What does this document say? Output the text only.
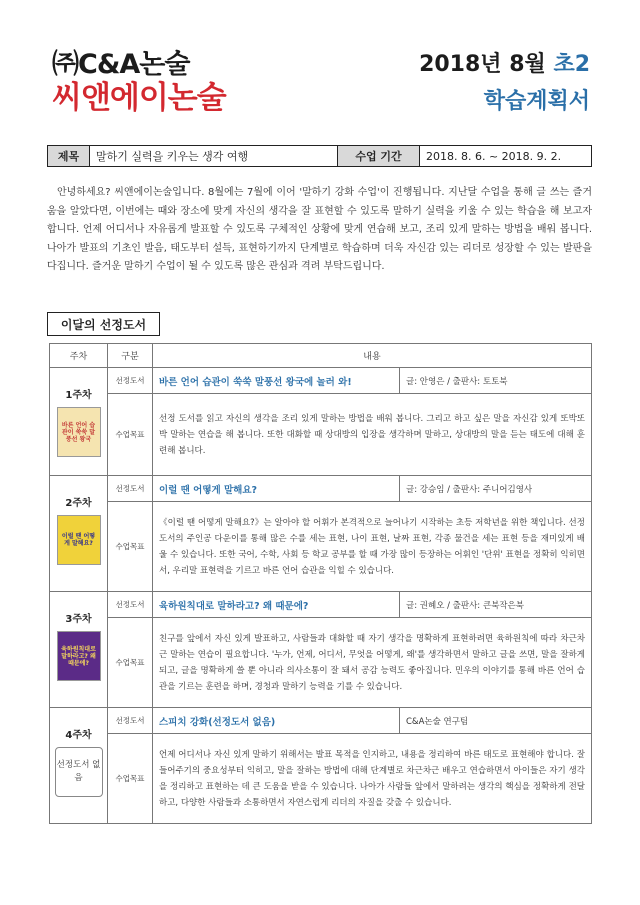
㈜C&A논술
씨앤에이논술
2018년 8월 초2
학습계획서
제목	말하기 실력을 키우는 생각 여행	수업 기간	2018. 8. 6. ~ 2018. 9. 2.

안녕하세요? 씨앤에이논술입니다. 8월에는 7월에 이어 '말하기 강화 수업'이 진행됩니다. 지난달 수업을 통해 글 쓰는 즐거움을 알았다면, 이번에는 때와 장소에 맞게 자신의 생각을 잘 표현할 수 있도록 말하기 실력을 키울 수 있는 학습을 해 보고자 합니다. 언제 어디서나 자유롭게 발표할 수 있도록 구체적인 상황에 맞게 연습해 보고, 조리 있게 말하는 방법을 배워 봅니다. 나아가 발표의 기초인 발음, 태도부터 설득, 표현하기까지 단계별로 학습하며 더욱 자신감 있는 리더로 성장할 수 있는 발판을 다집니다. 즐거운 말하기 수업이 될 수 있도록 많은 관심과 격려 부탁드립니다.

이달의 선정도서
주차	구분	내용	

1주차
바른 언어 습관이 쑥쑥 말풍선 왕국	선정도서	바른 언어 습관이 쑥쑥 말풍선 왕국에 놀러 와!	글: 안영은 / 출판사: 토토북
	수업목표	선정 도서를 읽고 자신의 생각을 조리 있게 말하는 방법을 배워 봅니다. 그리고 하고 싶은 말을 자신감 있게 또박또박 말하는 연습을 해 봅니다. 또한 대화할 때 상대방의 입장을 생각하며 말하고, 상대방의 말을 듣는 태도에 대해 훈련해 봅니다.	

2주차
이럴 땐 어떻게 말해요?	선정도서	이럴 땐 어떻게 말해요?	글: 강승임 / 출판사: 주니어김영사
	수업목표	《이럴 땐 어떻게 말해요?》는 알아야 할 어휘가 본격적으로 늘어나기 시작하는 초등 저학년을 위한 책입니다. 선정 도서의 주인공 다운이를 통해 많은 수를 세는 표현, 나이 표현, 날짜 표현, 각종 물건을 세는 표현 등을 재미있게 배울 수 있습니다. 또한 국어, 수학, 사회 등 학교 공부를 할 때 가장 많이 등장하는 어휘인 '단위' 표현을 정확히 익히면서, 우리말 표현력을 기르고 바른 언어 습관을 익힐 수 있습니다.	

3주차
육하원칙대로 말하라고? 왜 때문에?	선정도서	육하원칙대로 말하라고? 왜 때문에?	글: 권혜오 / 출판사: 큰북작은북
	수업목표	친구를 앞에서 자신 있게 발표하고, 사람들과 대화할 때 자기 생각을 명확하게 표현하려면 육하원칙에 따라 차근차근 말하는 연습이 필요합니다. '누가, 언제, 어디서, 무엇을 어떻게, 왜'를 생각하면서 말하고 글을 쓰면, 말을 잘하게 되고, 글을 명확하게 쓸 뿐 아니라 의사소통이 잘 돼서 공감 능력도 좋아집니다. 민우의 이야기를 통해 바른 언어 습관을 기르는 훈련을 하며, 경청과 말하기 능력을 기를 수 있습니다.	

4주차
선정도서 없음	선정도서	스피치 강화(선정도서 없음)	C&A논술 연구팀
	수업목표	언제 어디서나 자신 있게 말하기 위해서는 발표 목적을 인지하고, 내용을 정리하여 바른 태도로 표현해야 합니다. 잘 들어주기의 중요성부터 익히고, 말을 잘하는 방법에 대해 단계별로 차근차근 배우고 연습하면서 아이들은 자기 생각을 정리하고 표현하는 데 큰 도움을 받을 수 있습니다. 나아가 사람들 앞에서 말하려는 생각의 핵심을 정확하게 전달하고, 다양한 사람들과 소통하면서 자연스럽게 리더의 자질을 갖출 수 있습니다.	
